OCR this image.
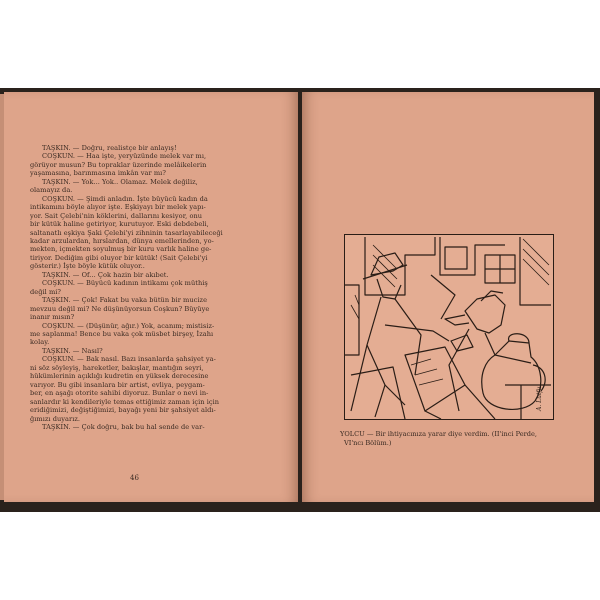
TAŞKIN. — Doğru, realistçe bir anlayış!
COŞKUN. — Haa işte, yeryüzünde melek var mı,
görüyor musun? Bu topraklar üzerinde melâikelerin
yaşamasına, barınmasına imkân var mı?
TAŞKIN. — Yok... Yok.. Olamaz. Melek değiliz,
olamayız da.
COŞKUN. — Şimdi anladın. İşte büyücü kadın da
intikamını böyle alıyor işte. Eşkiyayı bir melek yapı-
yor. Sait Çelebi'nin köklerini, dallarını kesiyor, onu
bir kütük haline getiriyor, kurutuyor. Eski debdebeli,
saltanatlı eşkiya Şaki Çelebi'yi zihninin tasarlayabileceği
kadar arzulardan, hırslardan, dünya emellerinden, yo-
mekten, içmekten soyulmuş bir kuru varlık haline ge-
tiriyor. Dediğim gibi oluyor bir kütük! (Sait Çelebi'yi
gösterir.) İşte böyle kütük oluyor..
TAŞKIN. — Of... Çok hazin bir akıbet.
COŞKUN. — Büyücü kadının intikamı çok müthiş
değil mi?
TAŞKIN. — Çok! Fakat bu vaka bütün bir mucize
mevzuu değil mi? Ne düşünüyorsun Coşkun? Büyüye
inanır mısın?
COŞKUN. — (Düşünür, ağır.) Yok, acanım; mistisiz-
me saplanma! Bence bu vaka çok müsbet birşey, İzahı
kolay.
TAŞKIN. — Nasıl?
COŞKUN. — Bak nasıl. Bazı insanlarda şahsiyet ya-
ni söz söyleyiş, hareketler, bakışlar, mantığın seyri,
hükümlerinin açıklığı kudretin en yüksek derecesine
varıyor. Bu gibi insanlara bir artist, evliya, peygam-
ber, en aşağı otorite sahibi diyoruz. Bunlar o nevi in-
sanlardır ki kendileriyle temas ettiğimiz zaman için için
eridiğimizi, değiştiğimizi, bayağı yeni bir şahsiyet aldı-
ğımızı duyarız.
TAŞKIN. — Çok doğru, bak bu hal sende de var-
46
A. Lutfu
YOLCU — Bir ihtiyacınıza yarar diye verdim. (II'inci Perde,
VI'ncı Bölüm.)
